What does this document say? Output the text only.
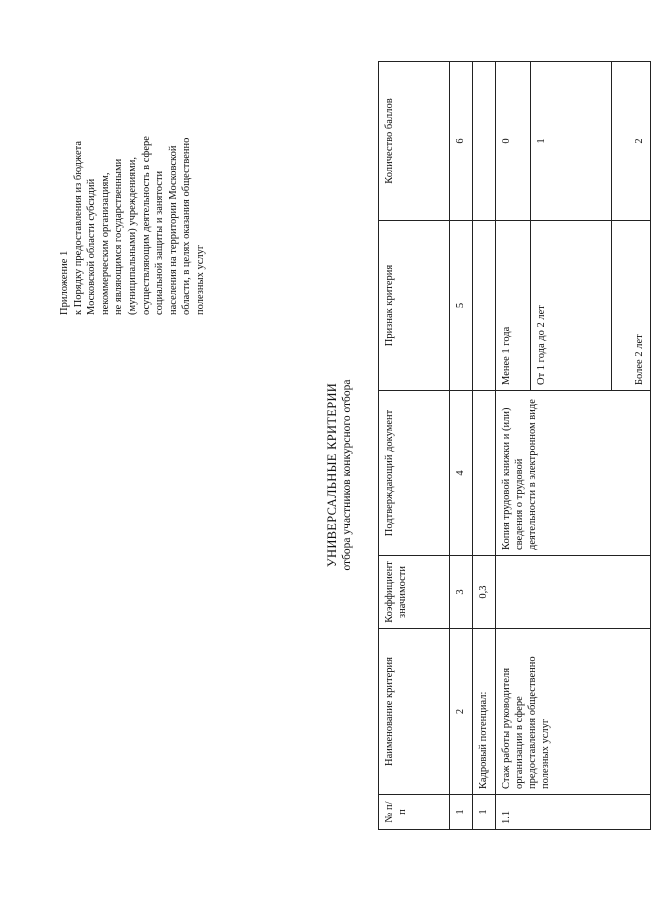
Приложение 1 к Порядку предоставления из бюджета Московской области субсидий некоммерческим организациям, не являющимся государственными (муниципальными) учреждениями, осуществляющим деятельность в сфере социальной защиты и занятости населения на территории Московской области, в целях оказания общественно полезных услуг
УНИВЕРСАЛЬНЫЕ КРИТЕРИИ отбора участников конкурсного отбора
№ п/п	Наименование критерия	Коэффициент значимости	Подтверждающий документ	Признак критерия	Количество баллов
1	2	3	4	5	6
1	Кадровый потенциал:	0,3			
1.1	Стаж работы руководителя организации в сфере предоставления общественно полезных услуг		Копия трудовой книжки и (или) сведения о трудовой деятельности в электронном виде	Менее 1 года	0
				От 1 года до 2 лет	1
				Более 2 лет	2
